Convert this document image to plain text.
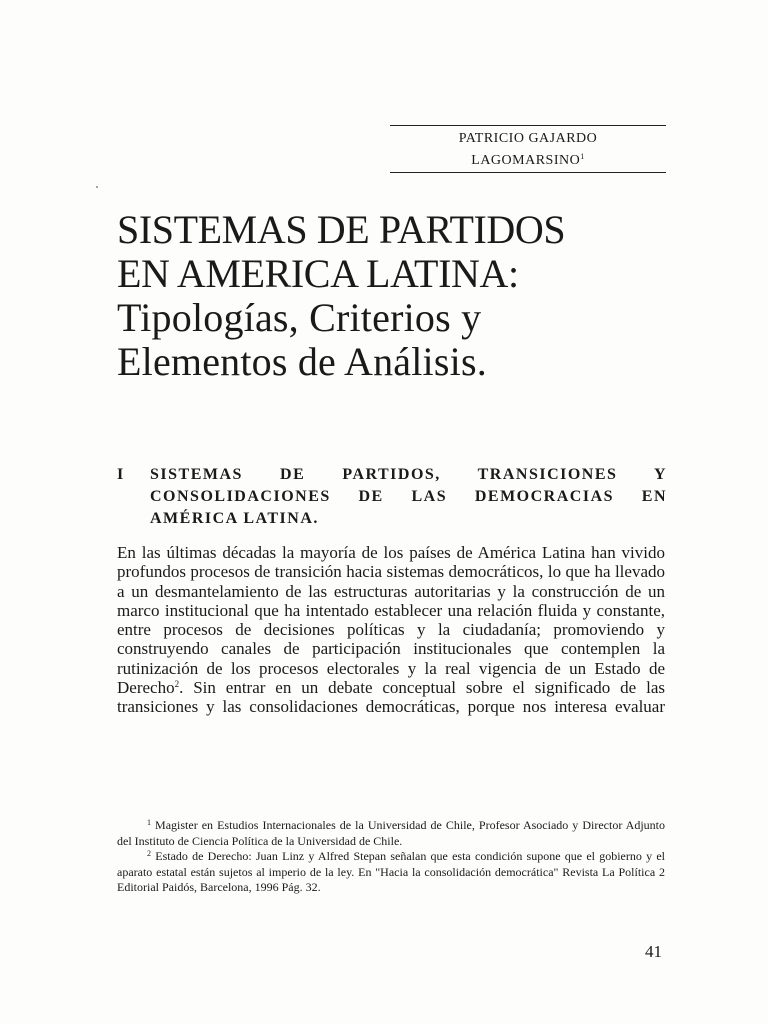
PATRICIO GAJARDO
LAGOMARSINO$^1$
SISTEMAS DE PARTIDOS
EN AMERICA LATINA:
Tipologías, Criterios y
Elementos de Análisis.
I SISTEMAS DE PARTIDOS, TRANSICIONES Y CONSOLIDACIONES DE LAS DEMOCRACIAS EN AMÉRICA LATINA.

En las últimas décadas la mayoría de los países de América Latina han vivido profundos procesos de transición hacia sistemas democráticos, lo que ha llevado a un desmantelamiento de las estructuras autoritarias y la construcción de un marco institucional que ha intentado establecer una relación fluida y constante, entre procesos de decisiones políticas y la ciudadanía; promoviendo y construyendo canales de participación institucionales que contemplen la rutinización de los procesos electorales y la real vigencia de un Estado de Derecho$^2$. Sin entrar en un debate conceptual sobre el significado de las transiciones y las consolidaciones democráticas, porque nos interesa evaluar

$^1$ Magister en Estudios Internacionales de la Universidad de Chile, Profesor Asociado y Director Adjunto del Instituto de Ciencia Política de la Universidad de Chile.

$^2$ Estado de Derecho: Juan Linz y Alfred Stepan señalan que esta condición supone que el gobierno y el aparato estatal están sujetos al imperio de la ley. En "Hacia la consolidación democrática" Revista La Política 2 Editorial Paidós, Barcelona, 1996 Pág. 32.

41
